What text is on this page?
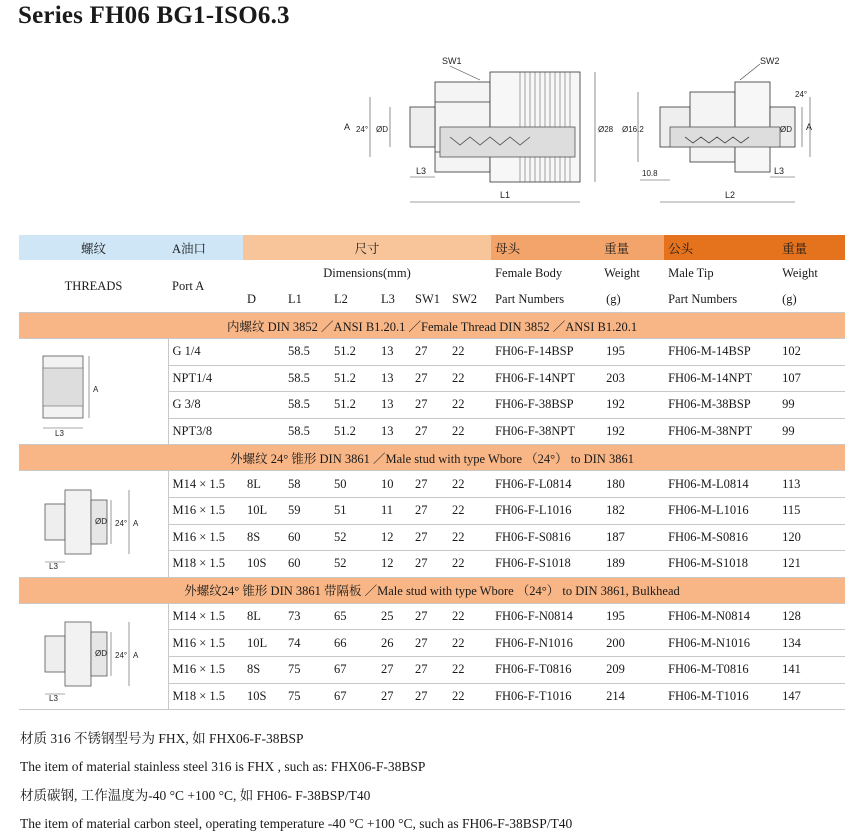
Series FH06 BG1-ISO6.3
SW1	SW2
A	A
24°
24°
ØD	ØD
Ø28 Ø16.2
L3	L3
L1	L2
10.8
螺纹	A油口	尺寸						母头	重量	公头	重量
THREADS	Port A	Dimensions(mm)						Female Body	Weight	Male Tip	Weight
		D	L1	L2	L3	SW1	SW2	Part Numbers	(g)	Part Numbers	(g)
内螺纹 DIN 3852 ／ANSI B1.20.1 ／Female Thread DIN 3852 ／ANSI B1.20.1											

A
L3	G 1/4		58.5	51.2	13	27	22	FH06-F-14BSP	195	FH06-M-14BSP	102
	NPT1/4		58.5	51.2	13	27	22	FH06-F-14NPT	203	FH06-M-14NPT	107
	G 3/8		58.5	51.2	13	27	22	FH06-F-38BSP	192	FH06-M-38BSP	99
	NPT3/8		58.5	51.2	13	27	22	FH06-F-38NPT	192	FH06-M-38NPT	99
外螺纹 24° 锥形 DIN 3861 ／Male stud with type Wbore （24°） to DIN 3861											

A
24°
ØD
L3	M14 × 1.5	8L	58	50	10	27	22	FH06-F-L0814	180	FH06-M-L0814	113
	M16 × 1.5	10L	59	51	11	27	22	FH06-F-L1016	182	FH06-M-L1016	115
	M16 × 1.5	8S	60	52	12	27	22	FH06-F-S0816	187	FH06-M-S0816	120
	M18 × 1.5	10S	60	52	12	27	22	FH06-F-S1018	189	FH06-M-S1018	121
外螺纹24° 锥形 DIN 3861 带隔板 ／Male stud with type Wbore （24°） to DIN 3861, Bulkhead											

A
24°
ØD
L3	M14 × 1.5	8L	73	65	25	27	22	FH06-F-N0814	195	FH06-M-N0814	128
	M16 × 1.5	10L	74	66	26	27	22	FH06-F-N1016	200	FH06-M-N1016	134
	M16 × 1.5	8S	75	67	27	27	22	FH06-F-T0816	209	FH06-M-T0816	141
	M18 × 1.5	10S	75	67	27	27	22	FH06-F-T1016	214	FH06-M-T1016	147
材质 316 不锈钢型号为 FHX, 如 FHX06-F-38BSP
The item of material stainless steel 316 is FHX , such as: FHX06-F-38BSP
材质碳钢, 工作温度为-40 °C +100 °C, 如 FH06- F-38BSP/T40
The item of material carbon steel, operating temperature -40 °C +100 °C, such as FH06-F-38BSP/T40
